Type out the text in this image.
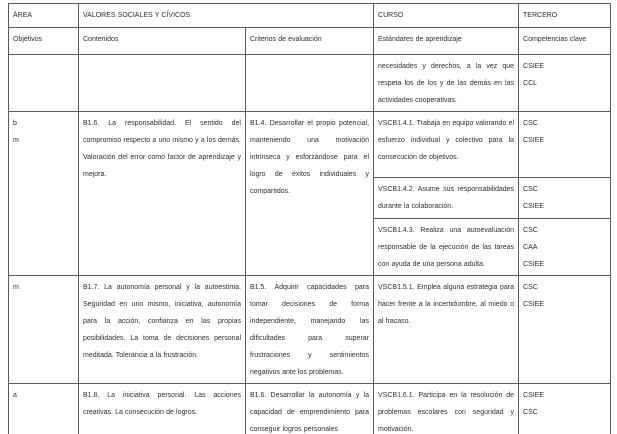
ÁREA	VALORES SOCIALES Y CÍVICOS		CURSO	TERCERO
Objetivos	Contenidos	Criterios de evaluación	Estándares de aprendizaje	Competencias clave
			necesidades y derechos, a la vez que respeta los de los y de las demás en las actividades cooperativas.	CSIEE
CCL

b
m	B1.6. La responsabilidad. El sentido del compromiso respecto a uno mismo y a los demás. Valoración del error como factor de aprendizaje y mejora.	B1.4. Desarrollar el propio potencial, manteniendo una motivación intrínseca y esforzándose para el logro de éxitos individuales y compartidos.	VSCB1.4.1. Trabaja en equipo valorando el esfuerzo individual y colectivo para la consecución de objetivos.	CSC
CSIEE

			VSCB1.4.2. Asume sus responsabilidades durante la colaboración.	CSC
CSIEE

			VSCB1.4.3. Realiza una autoevaluación responsable de la ejecución de las tareas con ayuda de una persona adulta.	CSC
CAA
CSIEE

m	B1.7. La autonomía personal y la autoestima. Seguridad en uno mismo, iniciativa, autonomía para la acción, confianza en las propias posibilidades. La toma de decisiones personal meditada. Tolerancia a la frustración.	B1.5. Adquirir capacidades para tomar decisiones de forma independiente, manejando las dificultades para superar frustraciones y sentimientos negativos ante los problemas.	VSCB1.5.1. Emplea alguna estrategia para hacer frente a la incertidumbre, al miedo o al fracaso.	CSC
CSIEE

a	B1.8. La iniciativa personal. Las acciones creativas. La consecución de logros.	B1.6. Desarrollar la autonomía y la capacidad de emprendimiento para conseguir logros personales	VSCB1.6.1. Participa en la resolución de problemas escolares con seguridad y motivación.	CSIEE
CSC
